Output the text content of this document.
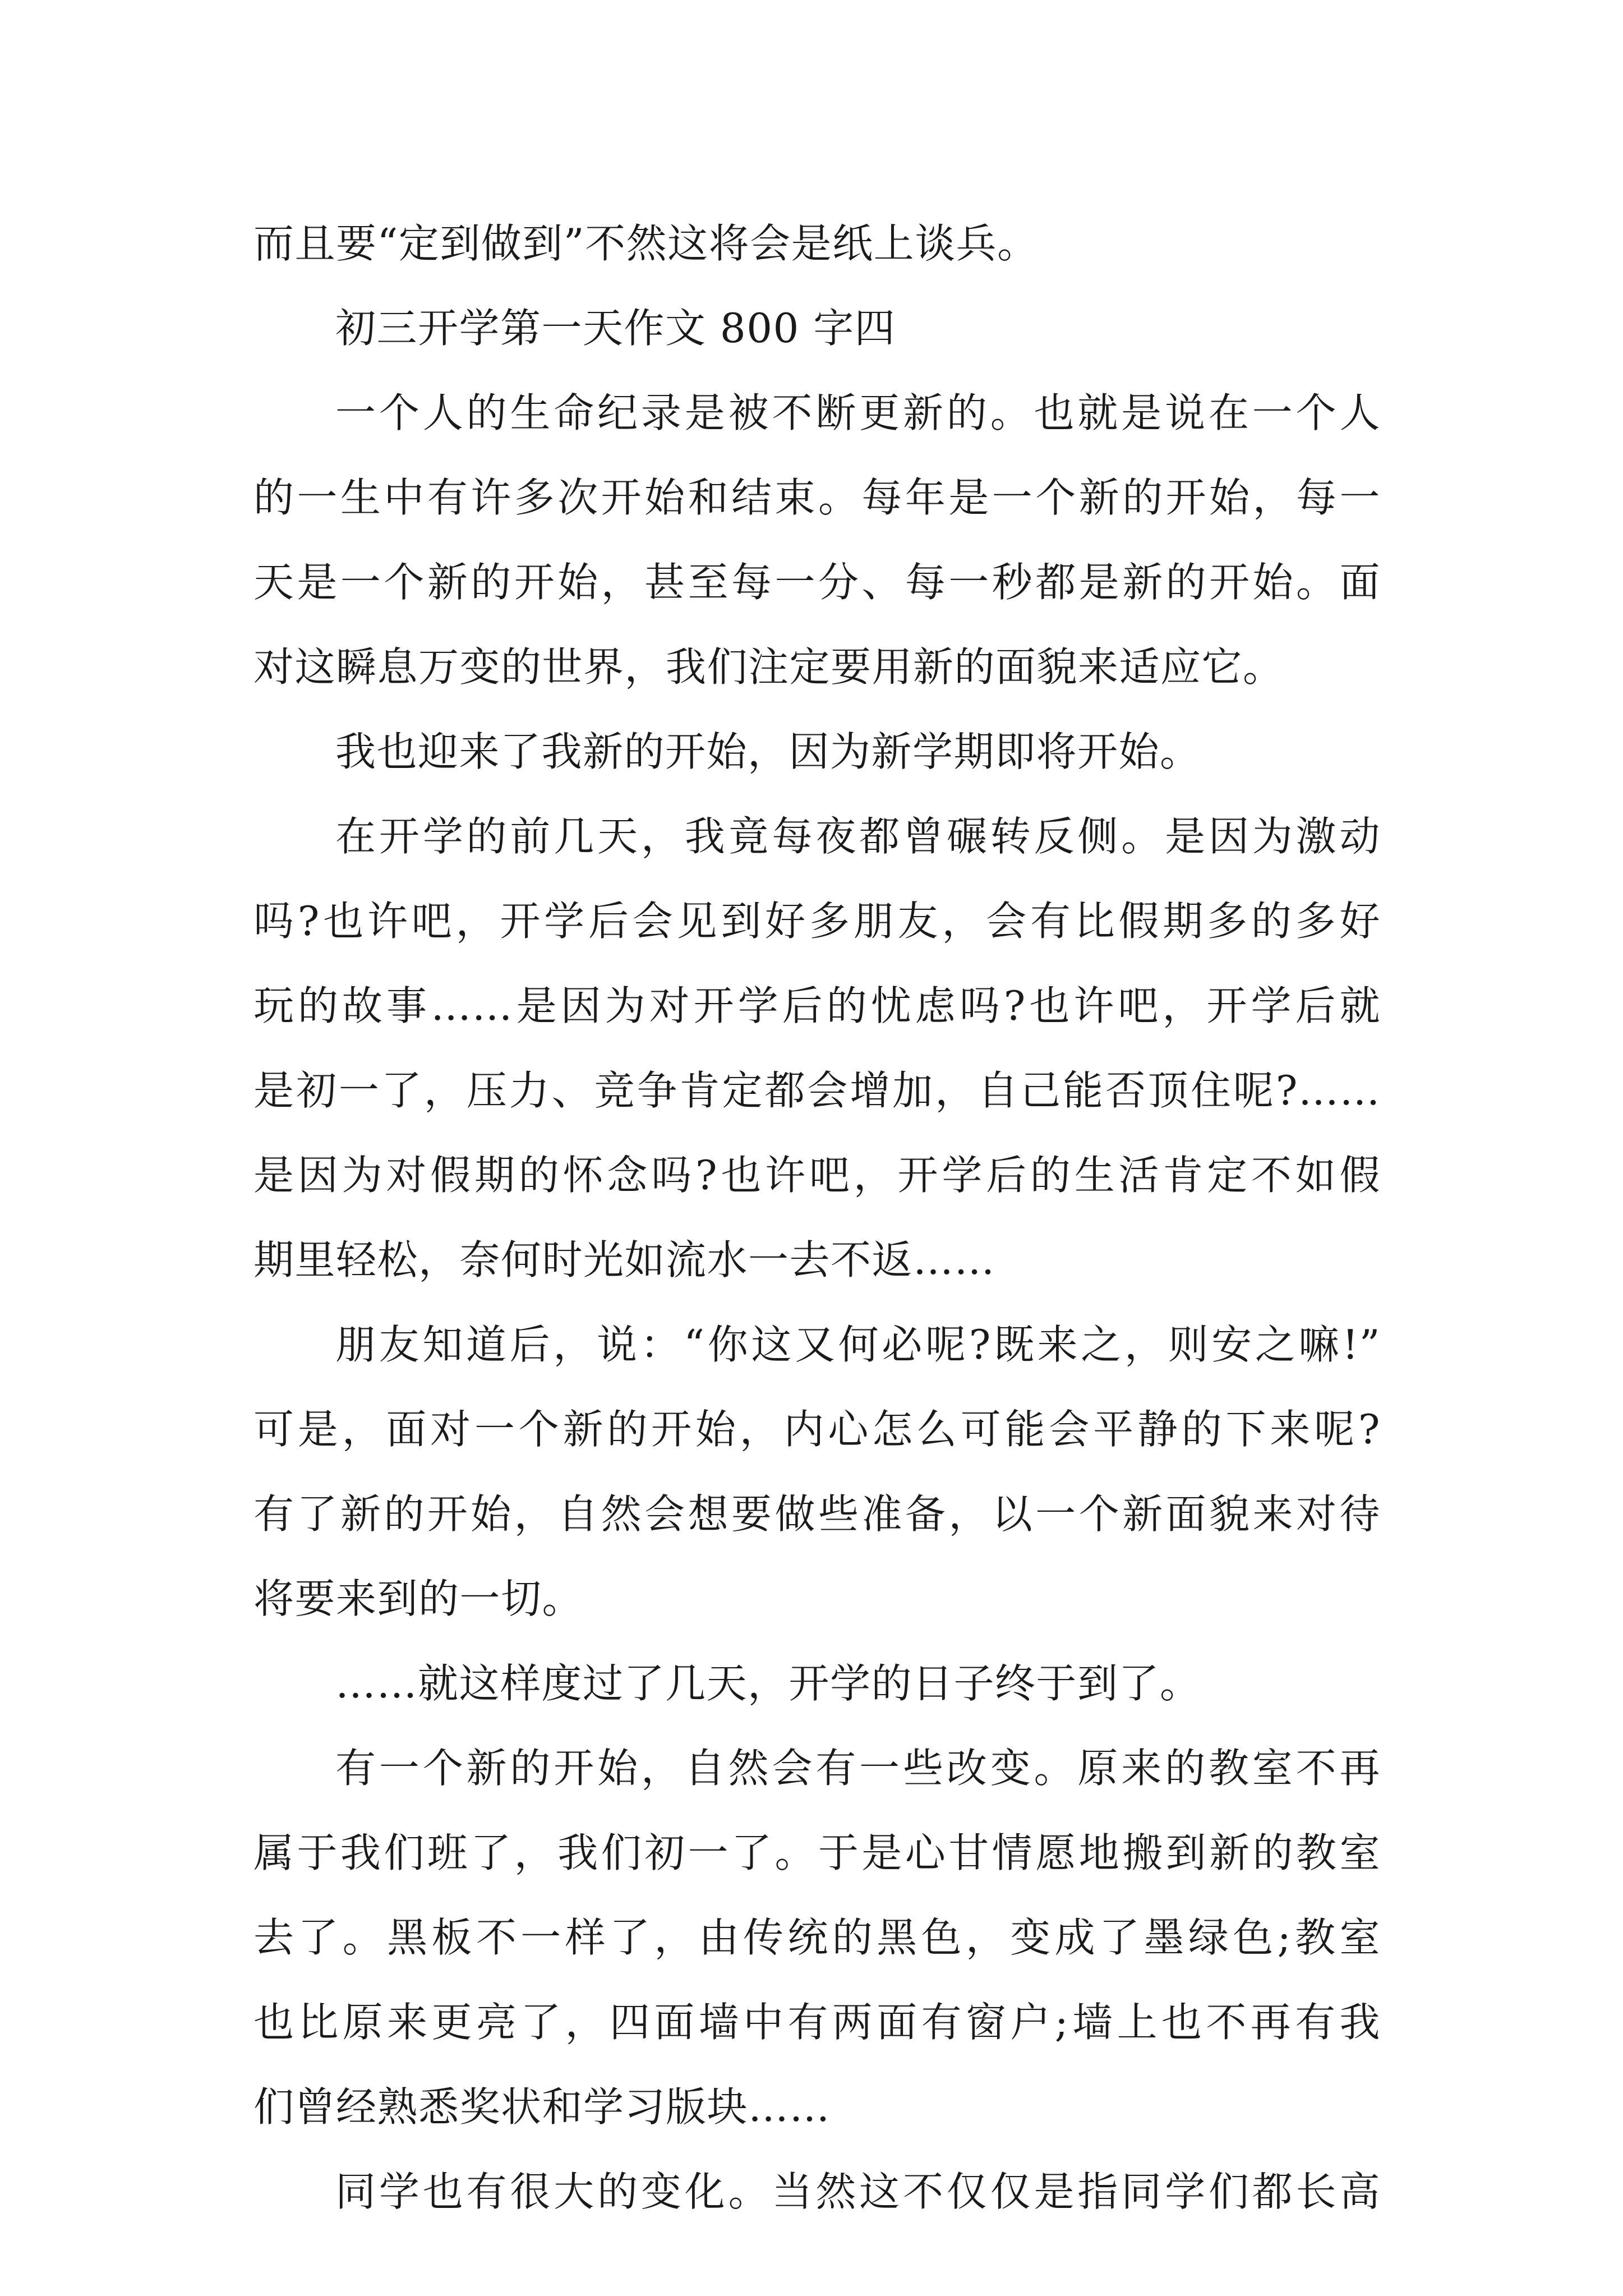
而且要“定到做到”不然这将会是纸上谈兵。
初三开学第一天作文 800 字四
一个人的生命纪录是被不断更新的。也就是说在一个人
的一生中有许多次开始和结束。每年是一个新的开始，每一
天是一个新的开始，甚至每一分、每一秒都是新的开始。面
对这瞬息万变的世界，我们注定要用新的面貌来适应它。
我也迎来了我新的开始，因为新学期即将开始。
在开学的前几天，我竟每夜都曾碾转反侧。是因为激动
吗?也许吧，开学后会见到好多朋友，会有比假期多的多好
玩的故事……是因为对开学后的忧虑吗?也许吧，开学后就
是初一了，压力、竞争肯定都会增加，自己能否顶住呢?……
是因为对假期的怀念吗?也许吧，开学后的生活肯定不如假
期里轻松，奈何时光如流水一去不返……
朋友知道后，说：“你这又何必呢?既来之，则安之嘛!”
可是，面对一个新的开始，内心怎么可能会平静的下来呢?
有了新的开始，自然会想要做些准备，以一个新面貌来对待
将要来到的一切。
……就这样度过了几天，开学的日子终于到了。
有一个新的开始，自然会有一些改变。原来的教室不再
属于我们班了，我们初一了。于是心甘情愿地搬到新的教室
去了。黑板不一样了，由传统的黑色，变成了墨绿色;教室
也比原来更亮了，四面墙中有两面有窗户;墙上也不再有我
们曾经熟悉奖状和学习版块……
同学也有很大的变化。当然这不仅仅是指同学们都长高
